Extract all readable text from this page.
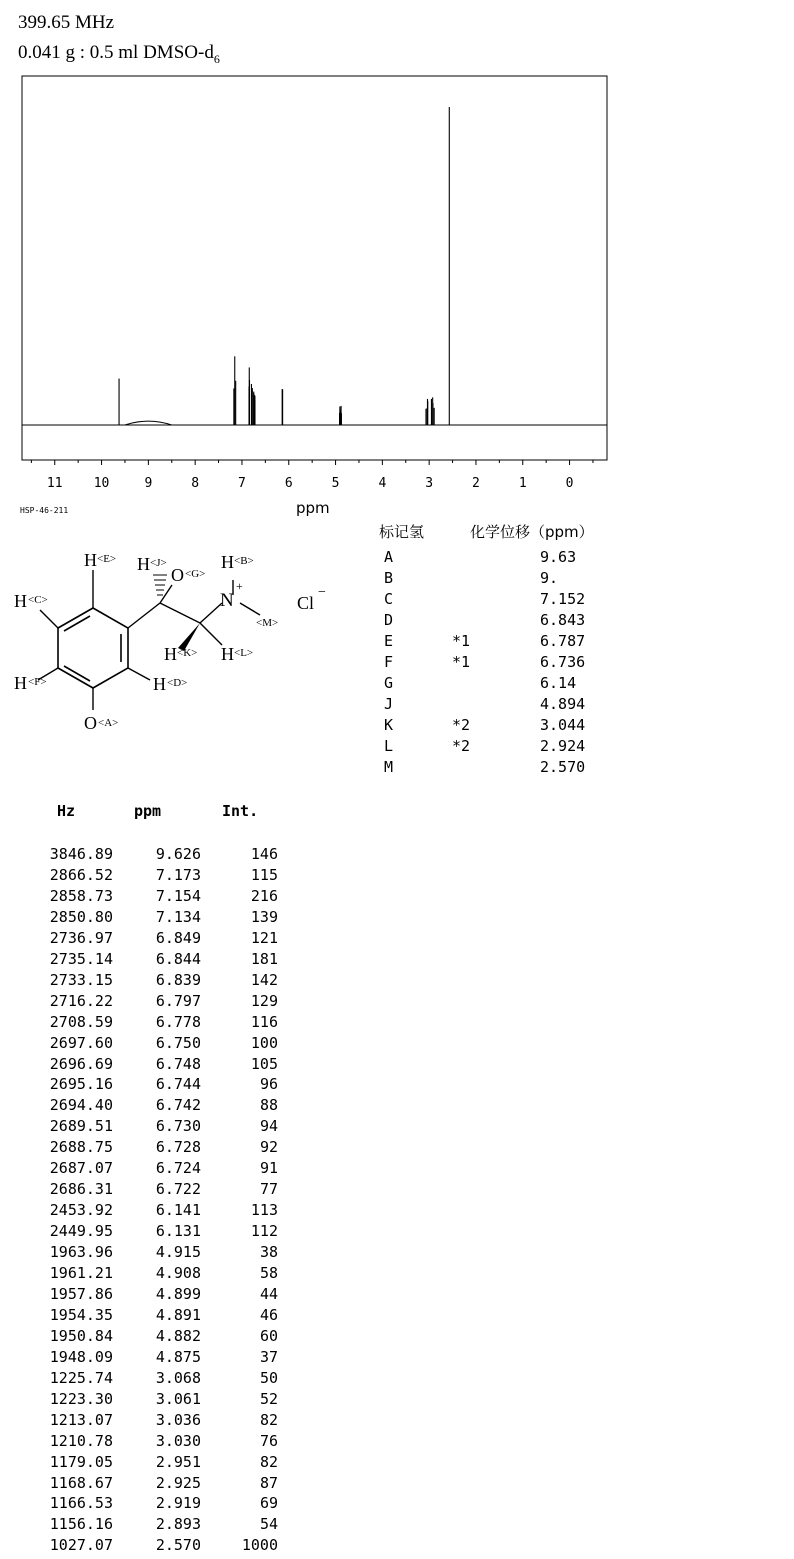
399.65 MHz
0.041 g : 0.5 ml DMSO-$d_6$
11 10	9	8	7	6	5	4	3	2	1	0
ppm
HSP-46-211
H <E> H <J>
O <G>
H <B>
N
+
Cl
−
H <C>
<M>
H <K> H <L>
H <F>	H <D>
O <A>
标记氢	化学位移（ppm）
A	9.63
B	9.
C	7.152
D	6.843
E	*1	6.787
F	*1	6.736
G	6.14
J	4.894
K	*2	3.044
L	*2	2.924
M	2.570
Hz	ppm	Int.
3846.89	9.626	146
2866.52	7.173	115
2858.73	7.154	216
2850.80	7.134	139
2736.97	6.849	121
2735.14	6.844	181
2733.15	6.839	142
2716.22	6.797	129
2708.59	6.778	116
2697.60	6.750	100
2696.69	6.748	105
2695.16	6.744	96
2694.40	6.742	88
2689.51	6.730	94
2688.75	6.728	92
2687.07	6.724	91
2686.31	6.722	77
2453.92	6.141	113
2449.95	6.131	112
1963.96	4.915	38
1961.21	4.908	58
1957.86	4.899	44
1954.35	4.891	46
1950.84	4.882	60
1948.09	4.875	37
1225.74	3.068	50
1223.30	3.061	52
1213.07	3.036	82
1210.78	3.030	76
1179.05	2.951	82
1168.67	2.925	87
1166.53	2.919	69
1156.16	2.893	54
1027.07	2.570	1000
